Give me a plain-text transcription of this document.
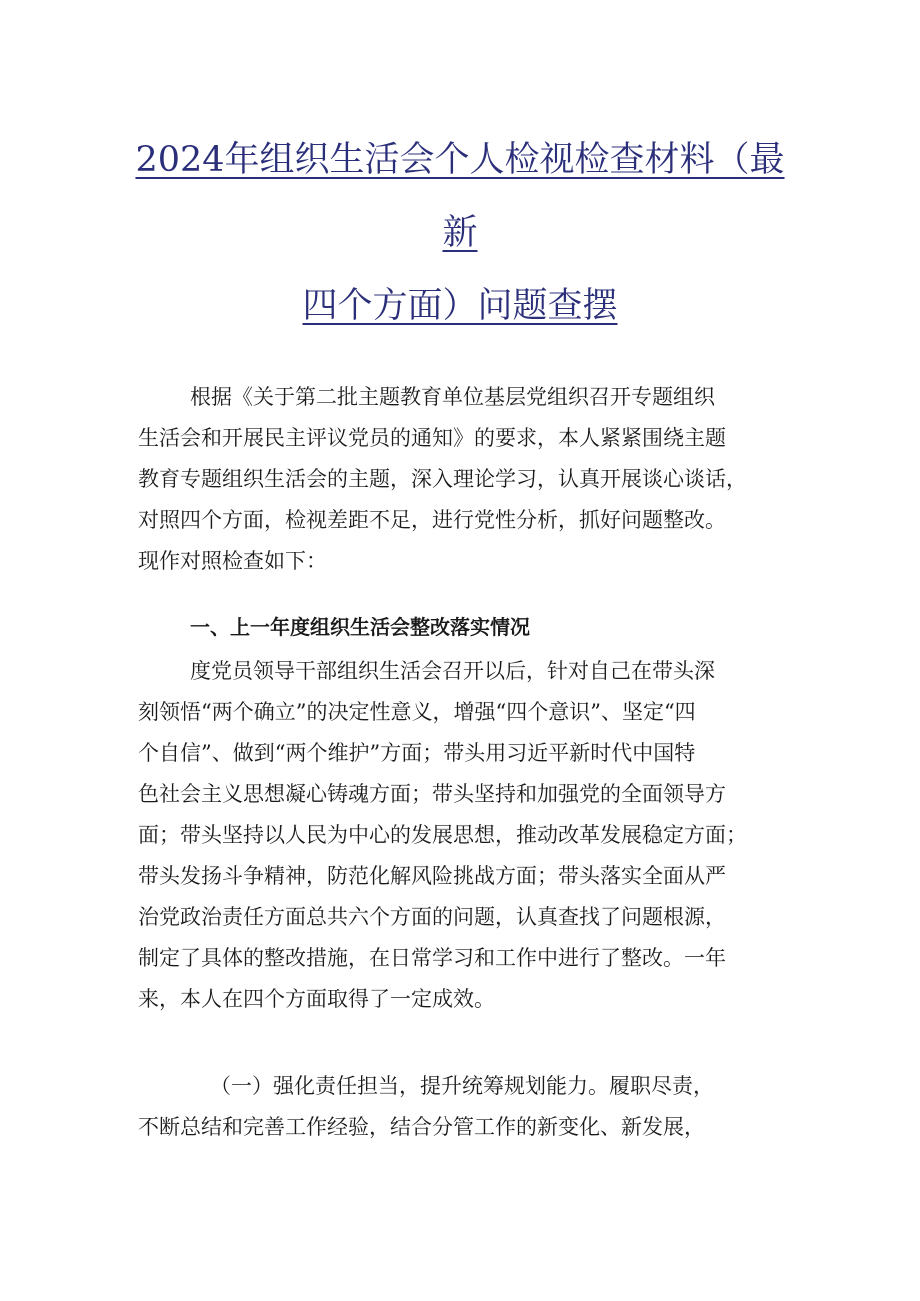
2024年组织生活会个人检视检查材料（最
新
四个方面）问题查摆
根据《关于第二批主题教育单位基层党组织召开专题组织
生活会和开展民主评议党员的通知》的要求，本人紧紧围绕主题
教育专题组织生活会的主题，深入理论学习，认真开展谈心谈话，
对照四个方面，检视差距不足，进行党性分析，抓好问题整改。
现作对照检查如下：
一、上一年度组织生活会整改落实情况
度党员领导干部组织生活会召开以后，针对自己在带头深
刻领悟“两个确立”的决定性意义，增强“四个意识”、坚定“四
个自信”、做到“两个维护”方面；带头用习近平新时代中国特
色社会主义思想凝心铸魂方面；带头坚持和加强党的全面领导方
面；带头坚持以人民为中心的发展思想，推动改革发展稳定方面；
带头发扬斗争精神，防范化解风险挑战方面；带头落实全面从严
治党政治责任方面总共六个方面的问题，认真查找了问题根源，
制定了具体的整改措施，在日常学习和工作中进行了整改。一年
来，本人在四个方面取得了一定成效。
（一）强化责任担当，提升统筹规划能力。履职尽责，
不断总结和完善工作经验，结合分管工作的新变化、新发展，
